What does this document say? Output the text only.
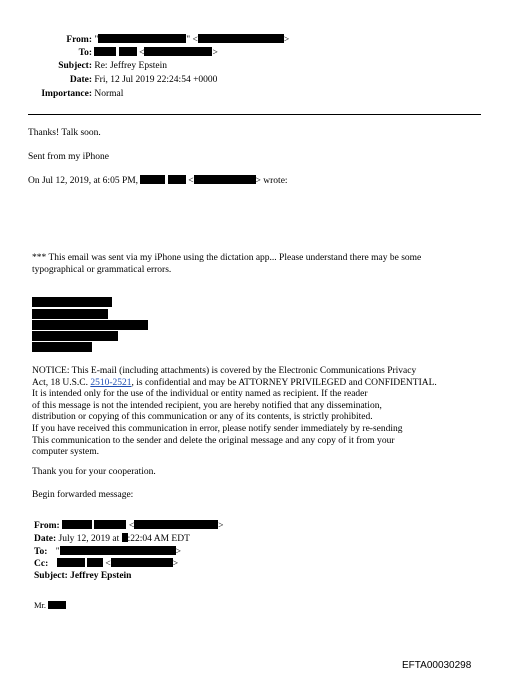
From: "	" <	>
To:	<	>
Subject: Re: Jeffrey Epstein
Date: Fri, 12 Jul 2019 22:24:54 +0000
Importance: Normal
Thanks! Talk soon.
Sent from my iPhone
On Jul 12, 2019, at 6:05 PM,	<	> wrote:
*** This email was sent via my iPhone using the dictation app... Please understand there may be some
typographical or grammatical errors.
NOTICE: This E-mail (including attachments) is covered by the Electronic Communications Privacy
Act, 18 U.S.C. 2510-2521, is confidential and may be ATTORNEY PRIVILEGED and CONFIDENTIAL.
It is intended only for the use of the individual or entity named as recipient. If the reader
of this message is not the intended recipient, you are hereby notified that any dissemination,
distribution or copying of this communication or any of its contents, is strictly prohibited.
If you have received this communication in error, please notify sender immediately by re-sending
This communication to the sender and delete the original message and any copy of it from your
computer system.
Thank you for your cooperation.
Begin forwarded message:
From:	<	>
Date: July 12, 2019 at :22:04 AM EDT
To: "	>
Cc:	<	>
Subject: Jeffrey Epstein
Mr.
EFTA00030298
